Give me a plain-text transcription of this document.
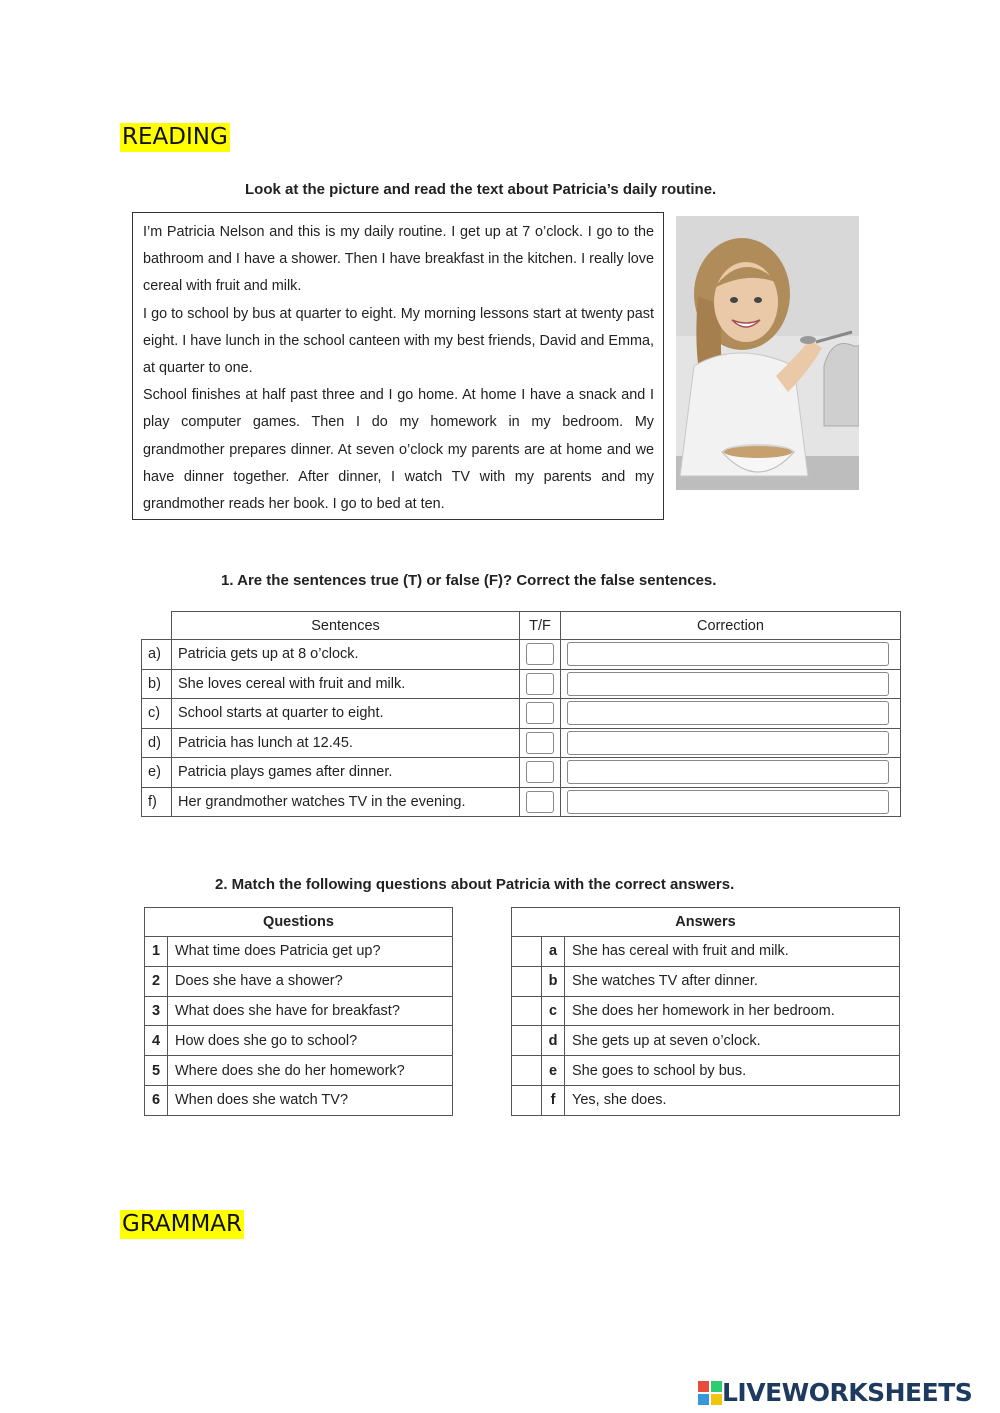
READING
Look at the picture and read the text about Patricia’s daily routine.

I’m Patricia Nelson and this is my daily routine. I get up at 7 o’clock. I go to the bathroom and I have a shower. Then I have breakfast in the kitchen. I really love cereal with fruit and milk.

I go to school by bus at quarter to eight. My morning lessons start at twenty past eight. I have lunch in the school canteen with my best friends, David and Emma, at quarter to one.

School finishes at half past three and I go home. At home I have a snack and I play computer games. Then I do my homework in my bedroom. My grandmother prepares dinner. At seven o’clock my parents are at home and we have dinner together. After dinner, I watch TV with my parents and my grandmother reads her book. I go to bed at ten.

1. Are the sentences true (T) or false (F)? Correct the false sentences.
	Sentences	T/F	Correction
a)	Patricia gets up at 8 o’clock.	

b)	She loves cereal with fruit and milk.	

c)	School starts at quarter to eight.	

d)	Patricia has lunch at 12.45.	

e)	Patricia plays games after dinner.	

f)	Her grandmother watches TV in the evening.	

2. Match the following questions about Patricia with the correct answers.
Questions	
1	What time does Patricia get up?
2	Does she have a shower?
3	What does she have for breakfast?
4	How does she go to school?
5	Where does she do her homework?
6	When does she watch TV?
Answers		
	a	She has cereal with fruit and milk.
	b	She watches TV after dinner.
	c	She does her homework in her bedroom.
	d	She gets up at seven o’clock.
	e	She goes to school by bus.
	f	Yes, she does.
GRAMMAR
LIVEWORKSHEETS
